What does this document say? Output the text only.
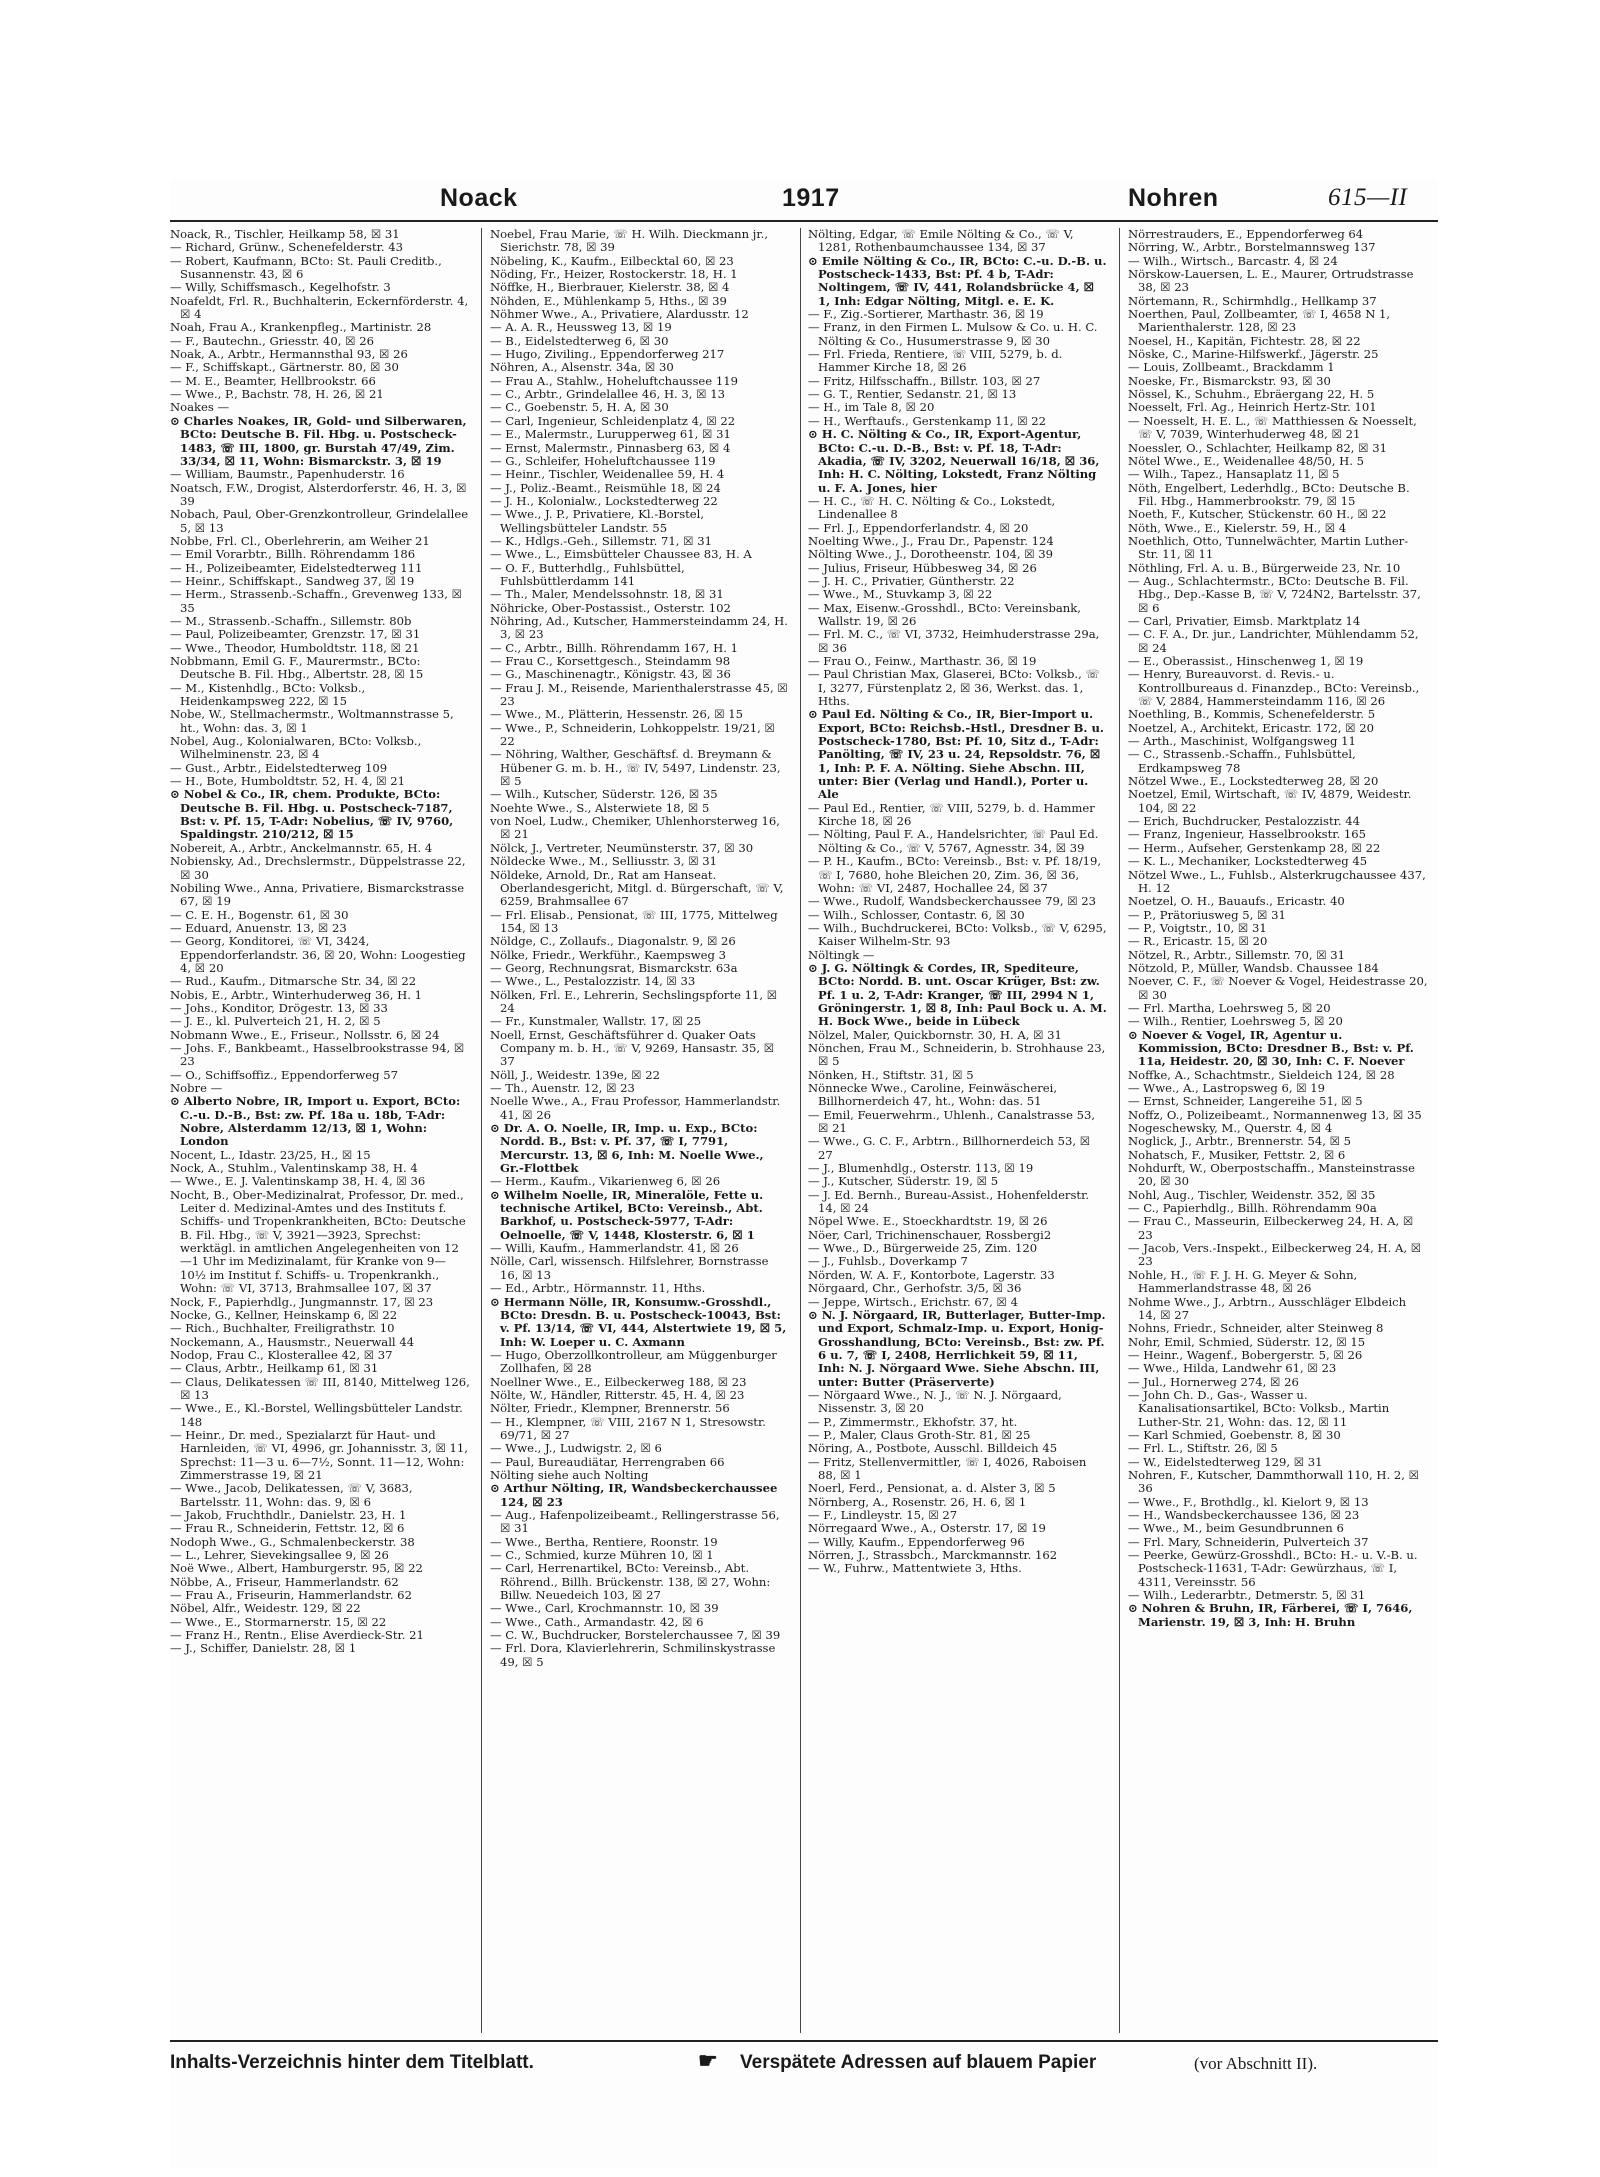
Noack	1917	Nohren	615—II

Noack, R., Tischler, Heilkamp 58, ☒ 31

— Richard, Grünw., Schenefelderstr. 43

— Robert, Kaufmann, BCto: St. Pauli Creditb., Susannenstr. 43, ☒ 6

— Willy, Schiffsmasch., Kegelhofstr. 3

Noafeldt, Frl. R., Buchhalterin, Eckernförderstr. 4, ☒ 4

Noah, Frau A., Krankenpfleg., Martinistr. 28

— F., Bautechn., Griesstr. 40, ☒ 26

Noak, A., Arbtr., Hermannsthal 93, ☒ 26

— F., Schiffskapt., Gärtnerstr. 80, ☒ 30

— M. E., Beamter, Hellbrookstr. 66

— Wwe., P., Bachstr. 78, H. 26, ☒ 21

Noakes —

⊙ Charles Noakes, IR, Gold- und Silberwaren, BCto: Deutsche B. Fil. Hbg. u. Postscheck-1483, ☏ III, 1800, gr. Burstah 47/49, Zim. 33/34, ☒ 11, Wohn: Bismarckstr. 3, ☒ 19

— William, Baumstr., Papenhuderstr. 16

Noatsch, F.W., Drogist, Alsterdorferstr. 46, H. 3, ☒ 39

Nobach, Paul, Ober-Grenzkontrolleur, Grindelallee 5, ☒ 13

Nobbe, Frl. Cl., Oberlehrerin, am Weiher 21

— Emil Vorarbtr., Billh. Röhrendamm 186

— H., Polizeibeamter, Eidelstedterweg 111

— Heinr., Schiffskapt., Sandweg 37, ☒ 19

— Herm., Strassenb.-Schaffn., Grevenweg 133, ☒ 35

— M., Strassenb.-Schaffn., Sillemstr. 80b

— Paul, Polizeibeamter, Grenzstr. 17, ☒ 31

— Wwe., Theodor, Humboldtstr. 118, ☒ 21

Nobbmann, Emil G. F., Maurermstr., BCto: Deutsche B. Fil. Hbg., Albertstr. 28, ☒ 15

— M., Kistenhdlg., BCto: Volksb., Heidenkampsweg 222, ☒ 15

Nobe, W., Stellmachermstr., Woltmannstrasse 5, ht., Wohn: das. 3, ☒ 1

Nobel, Aug., Kolonialwaren, BCto: Volksb., Wilhelminenstr. 23, ☒ 4

— Gust., Arbtr., Eidelstedterweg 109

— H., Bote, Humboldtstr. 52, H. 4, ☒ 21

⊙ Nobel & Co., IR, chem. Produkte, BCto: Deutsche B. Fil. Hbg. u. Postscheck-7187, Bst: v. Pf. 15, T-Adr: Nobelius, ☏ IV, 9760, Spaldingstr. 210/212, ☒ 15

Nobereit, A., Arbtr., Anckelmannstr. 65, H. 4

Nobiensky, Ad., Drechslermstr., Düppelstrasse 22, ☒ 30

Nobiling Wwe., Anna, Privatiere, Bismarckstrasse 67, ☒ 19

— C. E. H., Bogenstr. 61, ☒ 30

— Eduard, Anuenstr. 13, ☒ 23

— Georg, Konditorei, ☏ VI, 3424, Eppendorferlandstr. 36, ☒ 20, Wohn: Loogestieg 4, ☒ 20

— Rud., Kaufm., Ditmarsche Str. 34, ☒ 22

Nobis, E., Arbtr., Winterhuderweg 36, H. 1

— Johs., Konditor, Drögestr. 13, ☒ 33

— J. E., kl. Pulverteich 21, H. 2, ☒ 5

Nobmann Wwe., E., Friseur., Nollsstr. 6, ☒ 24

— Johs. F., Bankbeamt., Hasselbrookstrasse 94, ☒ 23

— O., Schiffsoffiz., Eppendorferweg 57

Nobre —

⊙ Alberto Nobre, IR, Import u. Export, BCto: C.-u. D.-B., Bst: zw. Pf. 18a u. 18b, T-Adr: Nobre, Alsterdamm 12/13, ☒ 1, Wohn: London

Nocent, L., Idastr. 23/25, H., ☒ 15

Nock, A., Stuhlm., Valentinskamp 38, H. 4

— Wwe., E. J. Valentinskamp 38, H. 4, ☒ 36

Nocht, B., Ober-Medizinalrat, Professor, Dr. med., Leiter d. Medizinal-Amtes und des Instituts f. Schiffs- und Tropenkrankheiten, BCto: Deutsche B. Fil. Hbg., ☏ V, 3921—3923, Sprechst: werktägl. in amtlichen Angelegenheiten von 12—1 Uhr im Medizinalamt, für Kranke von 9—10½ im Institut f. Schiffs- u. Tropenkrankh., Wohn: ☏ VI, 3713, Brahmsallee 107, ☒ 37

Nock, F., Papierhdlg., Jungmannstr. 17, ☒ 23

Nocke, G., Kellner, Heinskamp 6, ☒ 22

— Rich., Buchhalter, Freiligrathstr. 10

Nockemann, A., Hausmstr., Neuerwall 44

Nodop, Frau C., Klosterallee 42, ☒ 37

— Claus, Arbtr., Heilkamp 61, ☒ 31

— Claus, Delikatessen ☏ III, 8140, Mittelweg 126, ☒ 13

— Wwe., E., Kl.-Borstel, Wellingsbütteler Landstr. 148

— Heinr., Dr. med., Spezialarzt für Haut- und Harnleiden, ☏ VI, 4996, gr. Johannisstr. 3, ☒ 11, Sprechst: 11—3 u. 6—7½, Sonnt. 11—12, Wohn: Zimmerstrasse 19, ☒ 21

— Wwe., Jacob, Delikatessen, ☏ V, 3683, Bartelsstr. 11, Wohn: das. 9, ☒ 6

— Jakob, Fruchthdlr., Danielstr. 23, H. 1

— Frau R., Schneiderin, Fettstr. 12, ☒ 6

Nodoph Wwe., G., Schmalenbeckerstr. 38

— L., Lehrer, Sievekingsallee 9, ☒ 26

Noë Wwe., Albert, Hamburgerstr. 95, ☒ 22

Nöbbe, A., Friseur, Hammerlandstr. 62

— Frau A., Friseurin, Hammerlandstr. 62

Nöbel, Alfr., Weidestr. 129, ☒ 22

— Wwe., E., Stormarnerstr. 15, ☒ 22

— Franz H., Rentn., Elise Averdieck-Str. 21

— J., Schiffer, Danielstr. 28, ☒ 1

Noebel, Frau Marie, ☏ H. Wilh. Dieckmann jr., Sierichstr. 78, ☒ 39

Nöbeling, K., Kaufm., Eilbecktal 60, ☒ 23

Nöding, Fr., Heizer, Rostockerstr. 18, H. 1

Nöffke, H., Bierbrauer, Kielerstr. 38, ☒ 4

Nöhden, E., Mühlenkamp 5, Hths., ☒ 39

Nöhmer Wwe., A., Privatiere, Alardusstr. 12

— A. A. R., Heussweg 13, ☒ 19

— B., Eidelstedterweg 6, ☒ 30

— Hugo, Ziviling., Eppendorferweg 217

Nöhren, A., Alsenstr. 34a, ☒ 30

— Frau A., Stahlw., Hoheluftchaussee 119

— C., Arbtr., Grindelallee 46, H. 3, ☒ 13

— C., Goebenstr. 5, H. A, ☒ 30

— Carl, Ingenieur, Schleidenplatz 4, ☒ 22

— E., Malermstr., Lurupperweg 61, ☒ 31

— Ernst, Malermstr., Pinnasberg 63, ☒ 4

— G., Schleifer, Hoheluftchaussee 119

— Heinr., Tischler, Weidenallee 59, H. 4

— J., Poliz.-Beamt., Reismühle 18, ☒ 24

— J. H., Kolonialw., Lockstedterweg 22

— Wwe., J. P., Privatiere, Kl.-Borstel, Wellingsbütteler Landstr. 55

— K., Hdlgs.-Geh., Sillemstr. 71, ☒ 31

— Wwe., L., Eimsbütteler Chaussee 83, H. A

— O. F., Butterhdlg., Fuhlsbüttel, Fuhlsbüttlerdamm 141

— Th., Maler, Mendelssohnstr. 18, ☒ 31

Nöhricke, Ober-Postassist., Osterstr. 102

Nöhring, Ad., Kutscher, Hammersteindamm 24, H. 3, ☒ 23

— C., Arbtr., Billh. Röhrendamm 167, H. 1

— Frau C., Korsettgesch., Steindamm 98

— G., Maschinenagtr., Königstr. 43, ☒ 36

— Frau J. M., Reisende, Marienthalerstrasse 45, ☒ 23

— Wwe., M., Plätterin, Hessenstr. 26, ☒ 15

— Wwe., P., Schneiderin, Lohkoppelstr. 19/21, ☒ 22

— Nöhring, Walther, Geschäftsf. d. Breymann & Hübener G. m. b. H., ☏ IV, 5497, Lindenstr. 23, ☒ 5

— Wilh., Kutscher, Süderstr. 126, ☒ 35

Noehte Wwe., S., Alsterwiete 18, ☒ 5

von Noel, Ludw., Chemiker, Uhlenhorsterweg 16, ☒ 21

Nölck, J., Vertreter, Neumünsterstr. 37, ☒ 30

Nöldecke Wwe., M., Selliusstr. 3, ☒ 31

Nöldeke, Arnold, Dr., Rat am Hanseat. Oberlandesgericht, Mitgl. d. Bürgerschaft, ☏ V, 6259, Brahmsallee 67

— Frl. Elisab., Pensionat, ☏ III, 1775, Mittelweg 154, ☒ 13

Nöldge, C., Zollaufs., Diagonalstr. 9, ☒ 26

Nölke, Friedr., Werkführ., Kaempsweg 3

— Georg, Rechnungsrat, Bismarckstr. 63a

— Wwe., L., Pestalozzistr. 14, ☒ 33

Nölken, Frl. E., Lehrerin, Sechslingspforte 11, ☒ 24

— Fr., Kunstmaler, Wallstr. 17, ☒ 25

Noell, Ernst, Geschäftsführer d. Quaker Oats Company m. b. H., ☏ V, 9269, Hansastr. 35, ☒ 37

Nöll, J., Weidestr. 139e, ☒ 22

— Th., Auenstr. 12, ☒ 23

Noelle Wwe., A., Frau Professor, Hammerlandstr. 41, ☒ 26

⊙ Dr. A. O. Noelle, IR, Imp. u. Exp., BCto: Nordd. B., Bst: v. Pf. 37, ☏ I, 7791, Mercurstr. 13, ☒ 6, Inh: M. Noelle Wwe., Gr.-Flottbek

— Herm., Kaufm., Vikarienweg 6, ☒ 26

⊙ Wilhelm Noelle, IR, Mineralöle, Fette u. technische Artikel, BCto: Vereinsb., Abt. Barkhof, u. Postscheck-5977, T-Adr: Oelnoelle, ☏ V, 1448, Klosterstr. 6, ☒ 1

— Willi, Kaufm., Hammerlandstr. 41, ☒ 26

Nölle, Carl, wissensch. Hilfslehrer, Bornstrasse 16, ☒ 13

— Ed., Arbtr., Hörmannstr. 11, Hths.

⊙ Hermann Nölle, IR, Konsumw.-Grosshdl., BCto: Dresdn. B. u. Postscheck-10043, Bst: v. Pf. 13/14, ☏ VI, 444, Alstertwiete 19, ☒ 5, Inh: W. Loeper u. C. Axmann

— Hugo, Oberzollkontrolleur, am Müggenburger Zollhafen, ☒ 28

Noellner Wwe., E., Eilbeckerweg 188, ☒ 23

Nölte, W., Händler, Ritterstr. 45, H. 4, ☒ 23

Nölter, Friedr., Klempner, Brennerstr. 56

— H., Klempner, ☏ VIII, 2167 N 1, Stresowstr. 69/71, ☒ 27

— Wwe., J., Ludwigstr. 2, ☒ 6

— Paul, Bureaudiätar, Herrengraben 66

Nölting siehe auch Nolting

⊙ Arthur Nölting, IR, Wandsbeckerchaussee 124, ☒ 23

— Aug., Hafenpolizeibeamt., Rellingerstrasse 56, ☒ 31

— Wwe., Bertha, Rentiere, Roonstr. 19

— C., Schmied, kurze Mühren 10, ☒ 1

— Carl, Herrenartikel, BCto: Vereinsb., Abt. Röhrend., Billh. Brückenstr. 138, ☒ 27, Wohn: Billw. Neuedeich 103, ☒ 27

— Wwe., Carl, Krochmannstr. 10, ☒ 39

— Wwe., Cath., Armandastr. 42, ☒ 6

— C. W., Buchdrucker, Borstelerchaussee 7, ☒ 39

— Frl. Dora, Klavierlehrerin, Schmilinskystrasse 49, ☒ 5

Nölting, Edgar, ☏ Emile Nölting & Co., ☏ V, 1281, Rothenbaumchaussee 134, ☒ 37

⊙ Emile Nölting & Co., IR, BCto: C.-u. D.-B. u. Postscheck-1433, Bst: Pf. 4 b, T-Adr: Noltingem, ☏ IV, 441, Rolandsbrücke 4, ☒ 1, Inh: Edgar Nölting, Mitgl. e. E. K.

— F., Zig.-Sortierer, Marthastr. 36, ☒ 19

— Franz, in den Firmen L. Mulsow & Co. u. H. C. Nölting & Co., Husumerstrasse 9, ☒ 30

— Frl. Frieda, Rentiere, ☏ VIII, 5279, b. d. Hammer Kirche 18, ☒ 26

— Fritz, Hilfsschaffn., Billstr. 103, ☒ 27

— G. T., Rentier, Sedanstr. 21, ☒ 13

— H., im Tale 8, ☒ 20

— H., Werftaufs., Gerstenkamp 11, ☒ 22

⊙ H. C. Nölting & Co., IR, Export-Agentur, BCto: C.-u. D.-B., Bst: v. Pf. 18, T-Adr: Akadia, ☏ IV, 3202, Neuerwall 16/18, ☒ 36, Inh: H. C. Nölting, Lokstedt, Franz Nölting u. F. A. Jones, hier

— H. C., ☏ H. C. Nölting & Co., Lokstedt, Lindenallee 8

— Frl. J., Eppendorferlandstr. 4, ☒ 20

Noelting Wwe., J., Frau Dr., Papenstr. 124

Nölting Wwe., J., Dorotheenstr. 104, ☒ 39

— Julius, Friseur, Hübbesweg 34, ☒ 26

— J. H. C., Privatier, Güntherstr. 22

— Wwe., M., Stuvkamp 3, ☒ 22

— Max, Eisenw.-Grosshdl., BCto: Vereinsbank, Wallstr. 19, ☒ 26

— Frl. M. C., ☏ VI, 3732, Heimhuderstrasse 29a, ☒ 36

— Frau O., Feinw., Marthastr. 36, ☒ 19

— Paul Christian Max, Glaserei, BCto: Volksb., ☏ I, 3277, Fürstenplatz 2, ☒ 36, Werkst. das. 1, Hths.

⊙ Paul Ed. Nölting & Co., IR, Bier-Import u. Export, BCto: Reichsb.-Hstl., Dresdner B. u. Postscheck-1780, Bst: Pf. 10, Sitz d., T-Adr: Panölting, ☏ IV, 23 u. 24, Repsoldstr. 76, ☒ 1, Inh: P. F. A. Nölting. Siehe Abschn. III, unter: Bier (Verlag und Handl.), Porter u. Ale

— Paul Ed., Rentier, ☏ VIII, 5279, b. d. Hammer Kirche 18, ☒ 26

— Nölting, Paul F. A., Handelsrichter, ☏ Paul Ed. Nölting & Co., ☏ V, 5767, Agnesstr. 34, ☒ 39

— P. H., Kaufm., BCto: Vereinsb., Bst: v. Pf. 18/19, ☏ I, 7680, hohe Bleichen 20, Zim. 36, ☒ 36, Wohn: ☏ VI, 2487, Hochallee 24, ☒ 37

— Wwe., Rudolf, Wandsbeckerchaussee 79, ☒ 23

— Wilh., Schlosser, Contastr. 6, ☒ 30

— Wilh., Buchdruckerei, BCto: Volksb., ☏ V, 6295, Kaiser Wilhelm-Str. 93

Nöltingk —

⊙ J. G. Nöltingk & Cordes, IR, Spediteure, BCto: Nordd. B. unt. Oscar Krüger, Bst: zw. Pf. 1 u. 2, T-Adr: Kranger, ☏ III, 2994 N 1, Gröningerstr. 1, ☒ 8, Inh: Paul Bock u. A. M. H. Bock Wwe., beide in Lübeck

Nölzel, Maler, Quickbornstr. 30, H. A, ☒ 31

Nönchen, Frau M., Schneiderin, b. Strohhause 23, ☒ 5

Nönken, H., Stiftstr. 31, ☒ 5

Nönnecke Wwe., Caroline, Feinwäscherei, Billhornerdeich 47, ht., Wohn: das. 51

— Emil, Feuerwehrm., Uhlenh., Canalstrasse 53, ☒ 21

— Wwe., G. C. F., Arbtrn., Billhornerdeich 53, ☒ 27

— J., Blumenhdlg., Osterstr. 113, ☒ 19

— J., Kutscher, Süderstr. 19, ☒ 5

— J. Ed. Bernh., Bureau-Assist., Hohenfelderstr. 14, ☒ 24

Nöpel Wwe. E., Stoeckhardtstr. 19, ☒ 26

Nöer, Carl, Trichinenschauer, Rossbergi2

— Wwe., D., Bürgerweide 25, Zim. 120

— J., Fuhlsb., Doverkamp 7

Nörden, W. A. F., Kontorbote, Lagerstr. 33

Nörgaard, Chr., Gerhofstr. 3/5, ☒ 36

— Jeppe, Wirtsch., Erichstr. 67, ☒ 4

⊙ N. J. Nörgaard, IR, Butterlager, Butter-Imp. und Export, Schmalz-Imp. u. Export, Honig-Grosshandlung, BCto: Vereinsb., Bst: zw. Pf. 6 u. 7, ☏ I, 2408, Herrlichkeit 59, ☒ 11, Inh: N. J. Nörgaard Wwe. Siehe Abschn. III, unter: Butter (Präserverte)

— Nörgaard Wwe., N. J., ☏ N. J. Nörgaard, Nissenstr. 3, ☒ 20

— P., Zimmermstr., Ekhofstr. 37, ht.

— P., Maler, Claus Groth-Str. 81, ☒ 25

Nöring, A., Postbote, Ausschl. Billdeich 45

— Fritz, Stellenvermittler, ☏ I, 4026, Raboisen 88, ☒ 1

Noerl, Ferd., Pensionat, a. d. Alster 3, ☒ 5

Nörnberg, A., Rosenstr. 26, H. 6, ☒ 1

— F., Lindleystr. 15, ☒ 27

Nörregaard Wwe., A., Osterstr. 17, ☒ 19

— Willy, Kaufm., Eppendorferweg 96

Nörren, J., Strassbch., Marckmannstr. 162

— W., Fuhrw., Mattentwiete 3, Hths.

Nörrestrauders, E., Eppendorferweg 64

Nörring, W., Arbtr., Borstelmannsweg 137

— Wilh., Wirtsch., Barcastr. 4, ☒ 24

Nörskow-Lauersen, L. E., Maurer, Ortrudstrasse 38, ☒ 23

Nörtemann, R., Schirmhdlg., Hellkamp 37

Noerthen, Paul, Zollbeamter, ☏ I, 4658 N 1, Marienthalerstr. 128, ☒ 23

Noesel, H., Kapitän, Fichtestr. 28, ☒ 22

Nöske, C., Marine-Hilfswerkf., Jägerstr. 25

— Louis, Zollbeamt., Brackdamm 1

Noeske, Fr., Bismarckstr. 93, ☒ 30

Nössel, K., Schuhm., Ebräergang 22, H. 5

Noesselt, Frl. Ag., Heinrich Hertz-Str. 101

— Noesselt, H. E. L., ☏ Matthiessen & Noesselt, ☏ V, 7039, Winterhuderweg 48, ☒ 21

Noessler, O., Schlachter, Heilkamp 82, ☒ 31

Nötel Wwe., E., Weidenallee 48/50, H. 5

— Wilh., Tapez., Hansaplatz 11, ☒ 5

Nöth, Engelbert, Lederhdlg., BCto: Deutsche B. Fil. Hbg., Hammerbrookstr. 79, ☒ 15

Noeth, F., Kutscher, Stückenstr. 60 H., ☒ 22

Nöth, Wwe., E., Kielerstr. 59, H., ☒ 4

Noethlich, Otto, Tunnelwächter, Martin Luther-Str. 11, ☒ 11

Nöthling, Frl. A. u. B., Bürgerweide 23, Nr. 10

— Aug., Schlachtermstr., BCto: Deutsche B. Fil. Hbg., Dep.-Kasse B, ☏ V, 724N2, Bartelsstr. 37, ☒ 6

— Carl, Privatier, Eimsb. Marktplatz 14

— C. F. A., Dr. jur., Landrichter, Mühlendamm 52, ☒ 24

— E., Oberassist., Hinschenweg 1, ☒ 19

— Henry, Bureauvorst. d. Revis.- u. Kontrollbureaus d. Finanzdep., BCto: Vereinsb., ☏ V, 2884, Hammersteindamm 116, ☒ 26

Noethling, B., Kommis, Schenefelderstr. 5

Noetzel, A., Architekt, Ericastr. 172, ☒ 20

— Arth., Maschinist, Wolfgangsweg 11

— C., Strassenb.-Schaffn., Fuhlsbüttel, Erdkampsweg 78

Nötzel Wwe., E., Lockstedterweg 28, ☒ 20

Noetzel, Emil, Wirtschaft, ☏ IV, 4879, Weidestr. 104, ☒ 22

— Erich, Buchdrucker, Pestalozzistr. 44

— Franz, Ingenieur, Hasselbrookstr. 165

— Herm., Aufseher, Gerstenkamp 28, ☒ 22

— K. L., Mechaniker, Lockstedterweg 45

Nötzel Wwe., L., Fuhlsb., Alsterkrugchaussee 437, H. 12

Noetzel, O. H., Bauaufs., Ericastr. 40

— P., Prätoriusweg 5, ☒ 31

— P., Voigtstr., 10, ☒ 31

— R., Ericastr. 15, ☒ 20

Nötzel, R., Arbtr., Sillemstr. 70, ☒ 31

Nötzold, P., Müller, Wandsb. Chaussee 184

Noever, C. F., ☏ Noever & Vogel, Heidestrasse 20, ☒ 30

— Frl. Martha, Loehrsweg 5, ☒ 20

— Wilh., Rentier, Loehrsweg 5, ☒ 20

⊙ Noever & Vogel, IR, Agentur u. Kommission, BCto: Dresdner B., Bst: v. Pf. 11a, Heidestr. 20, ☒ 30, Inh: C. F. Noever

Noffke, A., Schachtmstr., Sieldeich 124, ☒ 28

— Wwe., A., Lastropsweg 6, ☒ 19

— Ernst, Schneider, Langereihe 51, ☒ 5

Noffz, O., Polizeibeamt., Normannenweg 13, ☒ 35

Nogeschewsky, M., Querstr. 4, ☒ 4

Noglick, J., Arbtr., Brennerstr. 54, ☒ 5

Nohatsch, F., Musiker, Fettstr. 2, ☒ 6

Nohdurft, W., Oberpostschaffn., Mansteinstrasse 20, ☒ 30

Nohl, Aug., Tischler, Weidenstr. 352, ☒ 35

— C., Papierhdlg., Billh. Röhrendamm 90a

— Frau C., Masseurin, Eilbeckerweg 24, H. A, ☒ 23

— Jacob, Vers.-Inspekt., Eilbeckerweg 24, H. A, ☒ 23

Nohle, H., ☏ F. J. H. G. Meyer & Sohn, Hammerlandstrasse 48, ☒ 26

Nohme Wwe., J., Arbtrn., Ausschläger Elbdeich 14, ☒ 27

Nohns, Friedr., Schneider, alter Steinweg 8

Nohr, Emil, Schmied, Süderstr. 12, ☒ 15

— Heinr., Wagenf., Bobergerstr. 5, ☒ 26

— Wwe., Hilda, Landwehr 61, ☒ 23

— Jul., Hornerweg 274, ☒ 26

— John Ch. D., Gas-, Wasser u. Kanalisationsartikel, BCto: Volksb., Martin Luther-Str. 21, Wohn: das. 12, ☒ 11

— Karl Schmied, Goebenstr. 8, ☒ 30

— Frl. L., Stiftstr. 26, ☒ 5

— W., Eidelstedterweg 129, ☒ 31

Nohren, F., Kutscher, Dammthorwall 110, H. 2, ☒ 36

— Wwe., F., Brothdlg., kl. Kielort 9, ☒ 13

— H., Wandsbeckerchaussee 136, ☒ 23

— Wwe., M., beim Gesundbrunnen 6

— Frl. Mary, Schneiderin, Pulverteich 37

— Peerke, Gewürz-Grosshdl., BCto: H.- u. V.-B. u. Postscheck-11631, T-Adr: Gewürzhaus, ☏ I, 4311, Vereinsstr. 56

— Wilh., Lederarbtr., Detmerstr. 5, ☒ 31

⊙ Nohren & Bruhn, IR, Färberei, ☏ I, 7646, Marienstr. 19, ☒ 3, Inh: H. Bruhn

Inhalts-Verzeichnis hinter dem Titelblatt.	☛ Verspätete Adressen auf blauem Papier	(vor Abschnitt II).
